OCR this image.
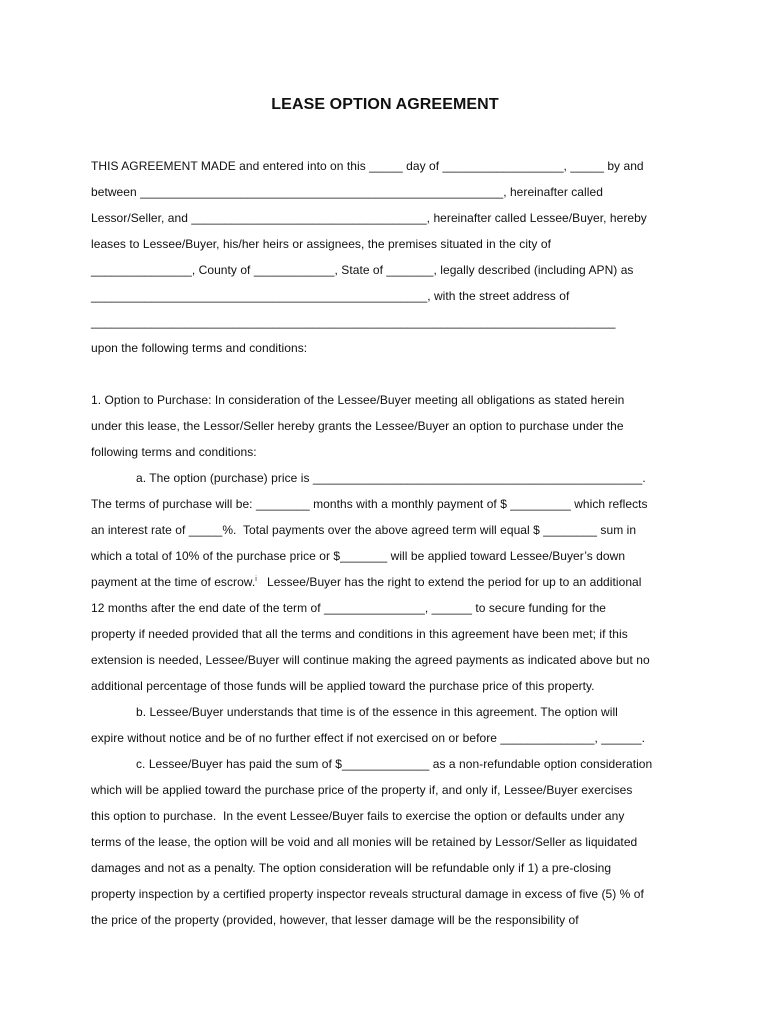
LEASE OPTION AGREEMENT
THIS AGREEMENT MADE and entered into on this _____ day of __________________, _____ by and
between ______________________________________________________, hereinafter called
Lessor/Seller, and ___________________________________, hereinafter called Lessee/Buyer, hereby
leases to Lessee/Buyer, his/her heirs or assignees, the premises situated in the city of
_______________, County of ____________, State of _______, legally described (including APN) as
__________________________________________________, with the street address of
______________________________________________________________________________
upon the following terms and conditions:
1. Option to Purchase: In consideration of the Lessee/Buyer meeting all obligations as stated herein
under this lease, the Lessor/Seller hereby grants the Lessee/Buyer an option to purchase under the
following terms and conditions:
a. The option (purchase) price is _________________________________________________.
The terms of purchase will be: ________ months with a monthly payment of $ _________ which reflects
an interest rate of _____%.  Total payments over the above agreed term will equal $ ________ sum in
which a total of 10% of the purchase price or $_______ will be applied toward Lessee/Buyer’s down
payment at the time of escrow.$^i$   Lessee/Buyer has the right to extend the period for up to an additional
12 months after the end date of the term of _______________, ______ to secure funding for the
property if needed provided that all the terms and conditions in this agreement have been met; if this
extension is needed, Lessee/Buyer will continue making the agreed payments as indicated above but no
additional percentage of those funds will be applied toward the purchase price of this property.
b. Lessee/Buyer understands that time is of the essence in this agreement. The option will
expire without notice and be of no further effect if not exercised on or before ______________, ______.
c. Lessee/Buyer has paid the sum of $_____________ as a non-refundable option consideration
which will be applied toward the purchase price of the property if, and only if, Lessee/Buyer exercises
this option to purchase.  In the event Lessee/Buyer fails to exercise the option or defaults under any
terms of the lease, the option will be void and all monies will be retained by Lessor/Seller as liquidated
damages and not as a penalty. The option consideration will be refundable only if 1) a pre-closing
property inspection by a certified property inspector reveals structural damage in excess of five (5) % of
the price of the property (provided, however, that lesser damage will be the responsibility of
